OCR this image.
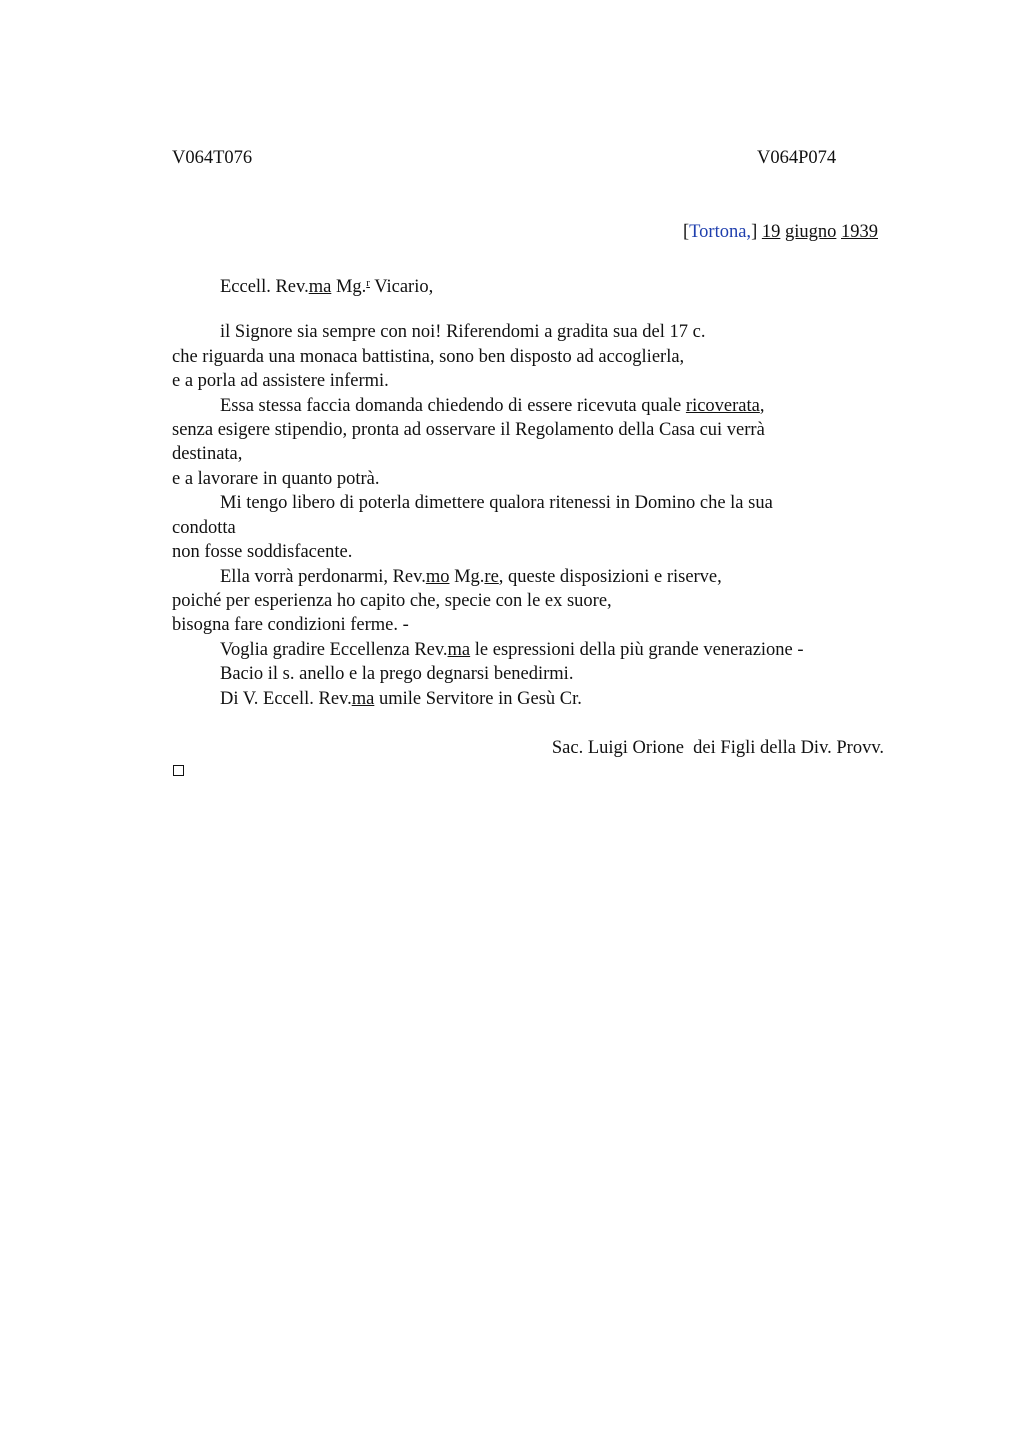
V064T076	V064P074
[Tortona,] 19 giugno 1939
Eccell. Rev.ma Mg.$^r$ Vicario,
il Signore sia sempre con noi! Riferendomi a gradita sua del 17 c.
che riguarda una monaca battistina, sono ben disposto ad accoglierla,
e a porla ad assistere infermi.
Essa stessa faccia domanda chiedendo di essere ricevuta quale ricoverata,
senza esigere stipendio, pronta ad osservare il Regolamento della Casa cui verrà
destinata,
e a lavorare in quanto potrà.
Mi tengo libero di poterla dimettere qualora ritenessi in Domino che la sua
condotta
non fosse soddisfacente.
Ella vorrà perdonarmi, Rev.mo Mg.re, queste disposizioni e riserve,
poiché per esperienza ho capito che, specie con le ex suore,
bisogna fare condizioni ferme. -
Voglia gradire Eccellenza Rev.ma le espressioni della più grande venerazione -
Bacio il s. anello e la prego degnarsi benedirmi.
Di V. Eccell. Rev.ma umile Servitore in Gesù Cr.
Sac. Luigi Orione  dei Figli della Div. Provv.
